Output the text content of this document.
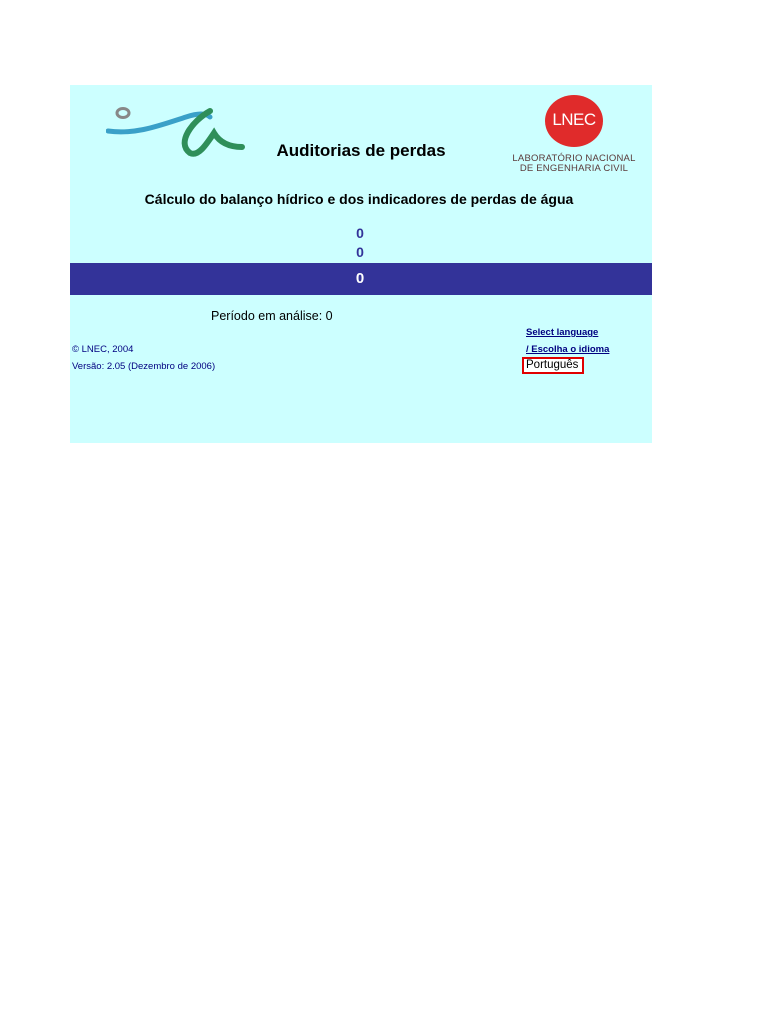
LNEC
LABORATÓRIO NACIONAL
DE ENGENHARIA CIVIL
Auditorias de perdas
Cálculo do balanço hídrico e dos indicadores de perdas de água
0
0
0
Período em análise: 0
© LNEC, 2004
Versão: 2.05 (Dezembro de 2006)
Select language
/ Escolha o idioma
Português
